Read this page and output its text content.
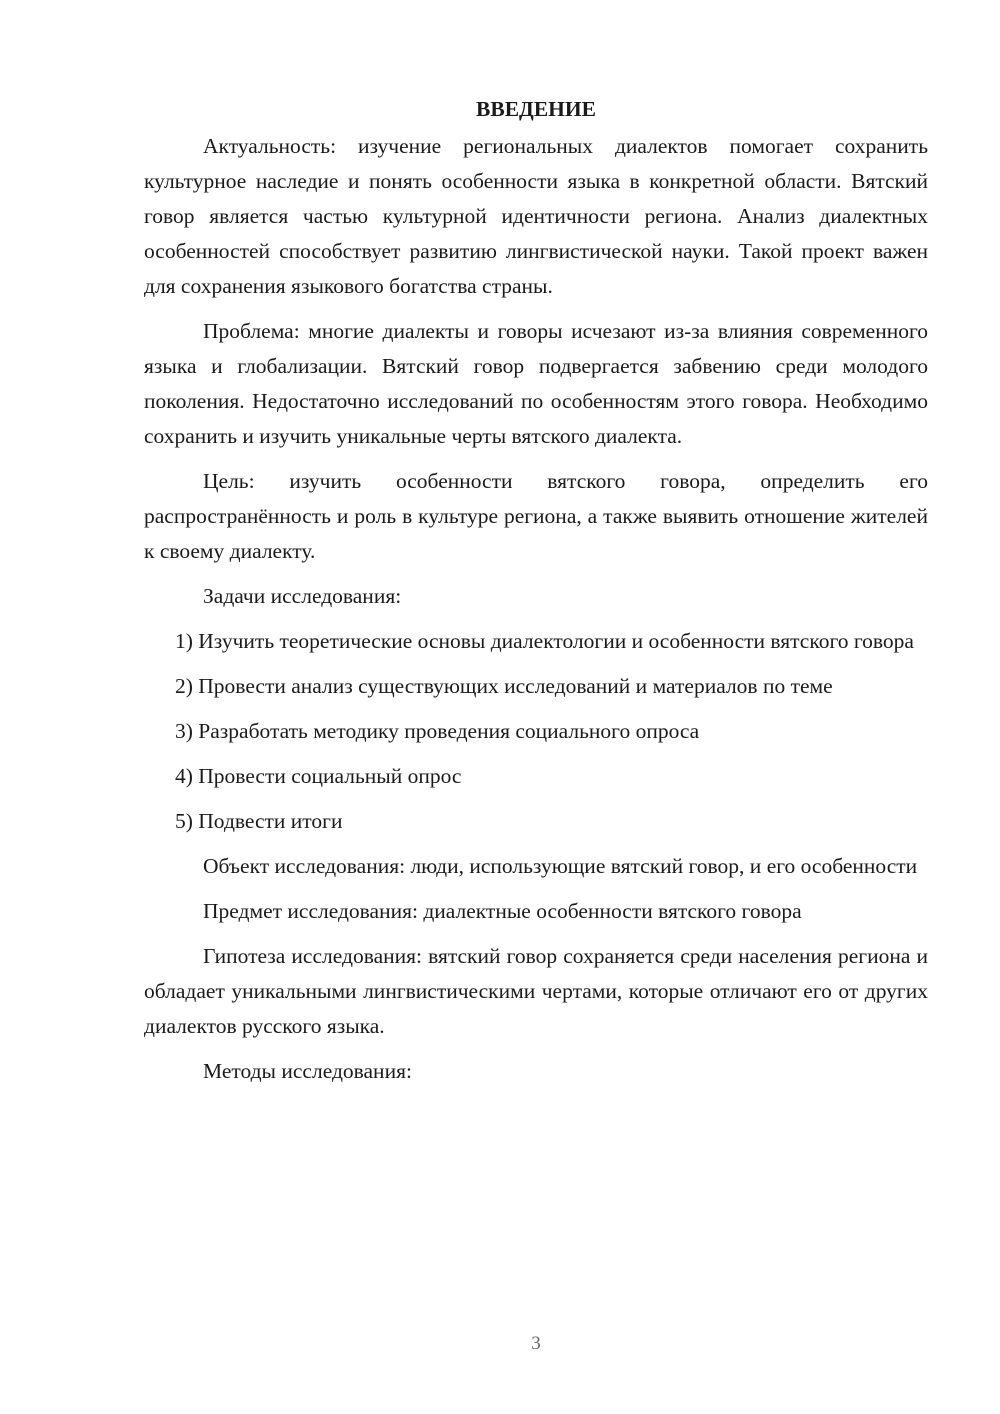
ВВЕДЕНИЕ

Актуальность: изучение региональных диалектов помогает сохранить культурное наследие и понять особенности языка в конкретной области. Вятский говор является частью культурной идентичности региона. Анализ диалектных особенностей способствует развитию лингвистической науки. Такой проект важен для сохранения языкового богатства страны.

Проблема: многие диалекты и говоры исчезают из-за влияния современного языка и глобализации. Вятский говор подвергается забвению среди молодого поколения. Недостаточно исследований по особенностям этого говора. Необходимо сохранить и изучить уникальные черты вятского диалекта.

Цель: изучить особенности вятского говора, определить его распространённость и роль в культуре региона, а также выявить отношение жителей к своему диалекту.

Задачи исследования:

1) Изучить теоретические основы диалектологии и особенности вятского говора

2) Провести анализ существующих исследований и материалов по теме

3) Разработать методику проведения социального опроса

4) Провести социальный опрос

5) Подвести итоги

Объект исследования: люди, использующие вятский говор, и его особенности

Предмет исследования: диалектные особенности вятского говора

Гипотеза исследования: вятский говор сохраняется среди населения региона и обладает уникальными лингвистическими чертами, которые отличают его от других диалектов русского языка.

Методы исследования:

3
